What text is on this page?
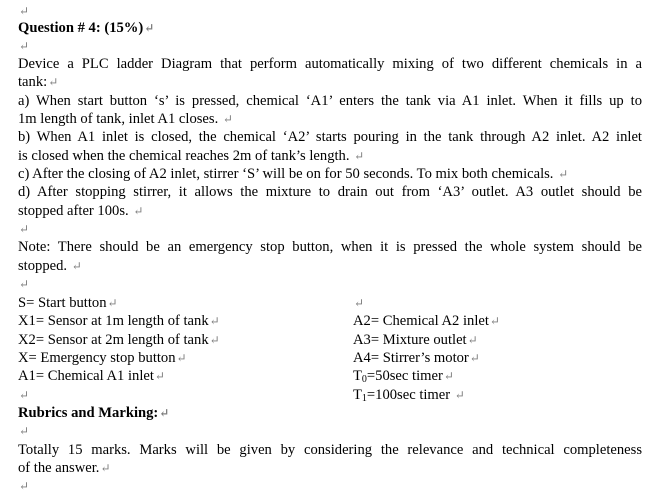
↵
Question # 4: (15%)↵
↵
Device a PLC ladder Diagram that perform automatically mixing of two different chemicals in a
tank:↵
a) When start button ‘s’ is pressed, chemical ‘A1’ enters the tank via A1 inlet. When it fills up to
1m length of tank, inlet A1 closes. ↵
b) When A1 inlet is closed, the chemical ‘A2’ starts pouring in the tank through A2 inlet. A2 inlet
is closed when the chemical reaches 2m of tank’s length. ↵
c) After the closing of A2 inlet, stirrer ‘S’ will be on for 50 seconds. To mix both chemicals. ↵
d) After stopping stirrer, it allows the mixture to drain out from ‘A3’ outlet. A3 outlet should be
stopped after 100s. ↵
↵
Note: There should be an emergency stop button, when it is pressed the whole system should be
stopped. ↵
↵
S= Start button↵
X1= Sensor at 1m length of tank↵
X2= Sensor at 2m length of tank↵
X= Emergency stop button↵
A1= Chemical A1 inlet↵
↵
A2= Chemical A2 inlet↵
A3= Mixture outlet↵
A4= Stirrer’s motor↵
$T_0=50\sec$ timer↵
$T_1=100\sec$ timer ↵
↵
Rubrics and Marking:↵
↵
Totally 15 marks. Marks will be given by considering the relevance and technical completeness
of the answer.↵
↵
